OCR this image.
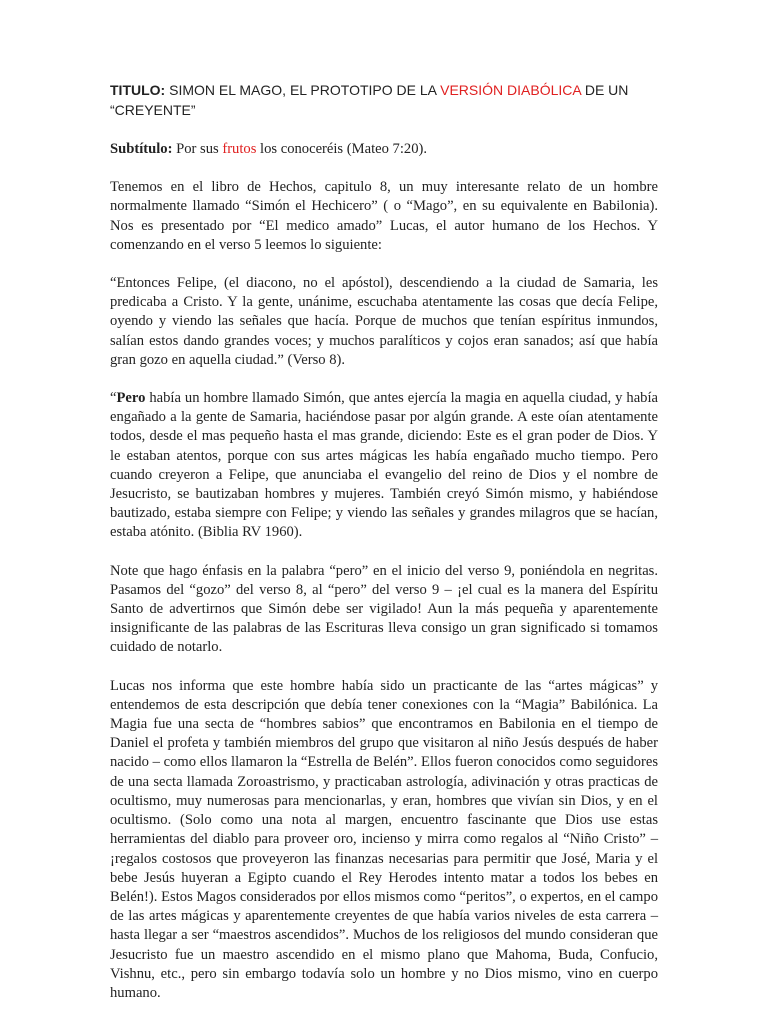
TITULO: SIMON EL MAGO, EL PROTOTIPO DE LA VERSIÓN DIABÓLICA DE UN “CREYENTE”
Subtítulo: Por sus frutos los conoceréis (Mateo 7:20).

Tenemos en el libro de Hechos, capitulo 8, un muy interesante relato de un hombre normalmente llamado “Simón el Hechicero” ( o “Mago”, en su equivalente en Babilonia). Nos es presentado por “El medico amado” Lucas, el autor humano de los Hechos. Y comenzando en el verso 5 leemos lo siguiente:

“Entonces Felipe, (el diacono, no el apóstol), descendiendo a la ciudad de Samaria, les predicaba a Cristo. Y la gente, unánime, escuchaba atentamente las cosas que decía Felipe, oyendo y viendo las señales que hacía. Porque de muchos que tenían espíritus inmundos, salían estos dando grandes voces; y muchos paralíticos y cojos eran sanados; así que había gran gozo en aquella ciudad.” (Verso 8).

“Pero había un hombre llamado Simón, que antes ejercía la magia en aquella ciudad, y había engañado a la gente de Samaria, haciéndose pasar por algún grande. A este oían atentamente todos, desde el mas pequeño hasta el mas grande, diciendo: Este es el gran poder de Dios. Y le estaban atentos, porque con sus artes mágicas les había engañado mucho tiempo. Pero cuando creyeron a Felipe, que anunciaba el evangelio del reino de Dios y el nombre de Jesucristo, se bautizaban hombres y mujeres. También creyó Simón mismo, y habiéndose bautizado, estaba siempre con Felipe; y viendo las señales y grandes milagros que se hacían, estaba atónito. (Biblia RV 1960).

Note que hago énfasis en la palabra “pero” en el inicio del verso 9, poniéndola en negritas. Pasamos del “gozo” del verso 8, al “pero” del verso 9 – ¡el cual es la manera del Espíritu Santo de advertirnos que Simón debe ser vigilado! Aun la más pequeña y aparentemente insignificante de las palabras de las Escrituras lleva consigo un gran significado si tomamos cuidado de notarlo.

Lucas nos informa que este hombre había sido un practicante de las “artes mágicas” y entendemos de esta descripción que debía tener conexiones con la “Magia” Babilónica. La Magia fue una secta de “hombres sabios” que encontramos en Babilonia en el tiempo de Daniel el profeta y también miembros del grupo que visitaron al niño Jesús después de haber nacido – como ellos llamaron la “Estrella de Belén”. Ellos fueron conocidos como seguidores de una secta llamada Zoroastrismo, y practicaban astrología, adivinación y otras practicas de ocultismo, muy numerosas para mencionarlas, y eran, hombres que vivían sin Dios, y en el ocultismo. (Solo como una nota al margen, encuentro fascinante que Dios use estas herramientas del diablo para proveer oro, incienso y mirra como regalos al “Niño Cristo” – ¡regalos costosos que proveyeron las finanzas necesarias para permitir que José, Maria y el bebe Jesús huyeran a Egipto cuando el Rey Herodes intento matar a todos los bebes en Belén!). Estos Magos considerados por ellos mismos como “peritos”, o expertos, en el campo de las artes mágicas y aparentemente creyentes de que había varios niveles de esta carrera – hasta llegar a ser “maestros ascendidos”. Muchos de los religiosos del mundo consideran que Jesucristo fue un maestro ascendido en el mismo plano que Mahoma, Buda, Confucio, Vishnu, etc., pero sin embargo todavía solo un hombre y no Dios mismo, vino en cuerpo humano.
